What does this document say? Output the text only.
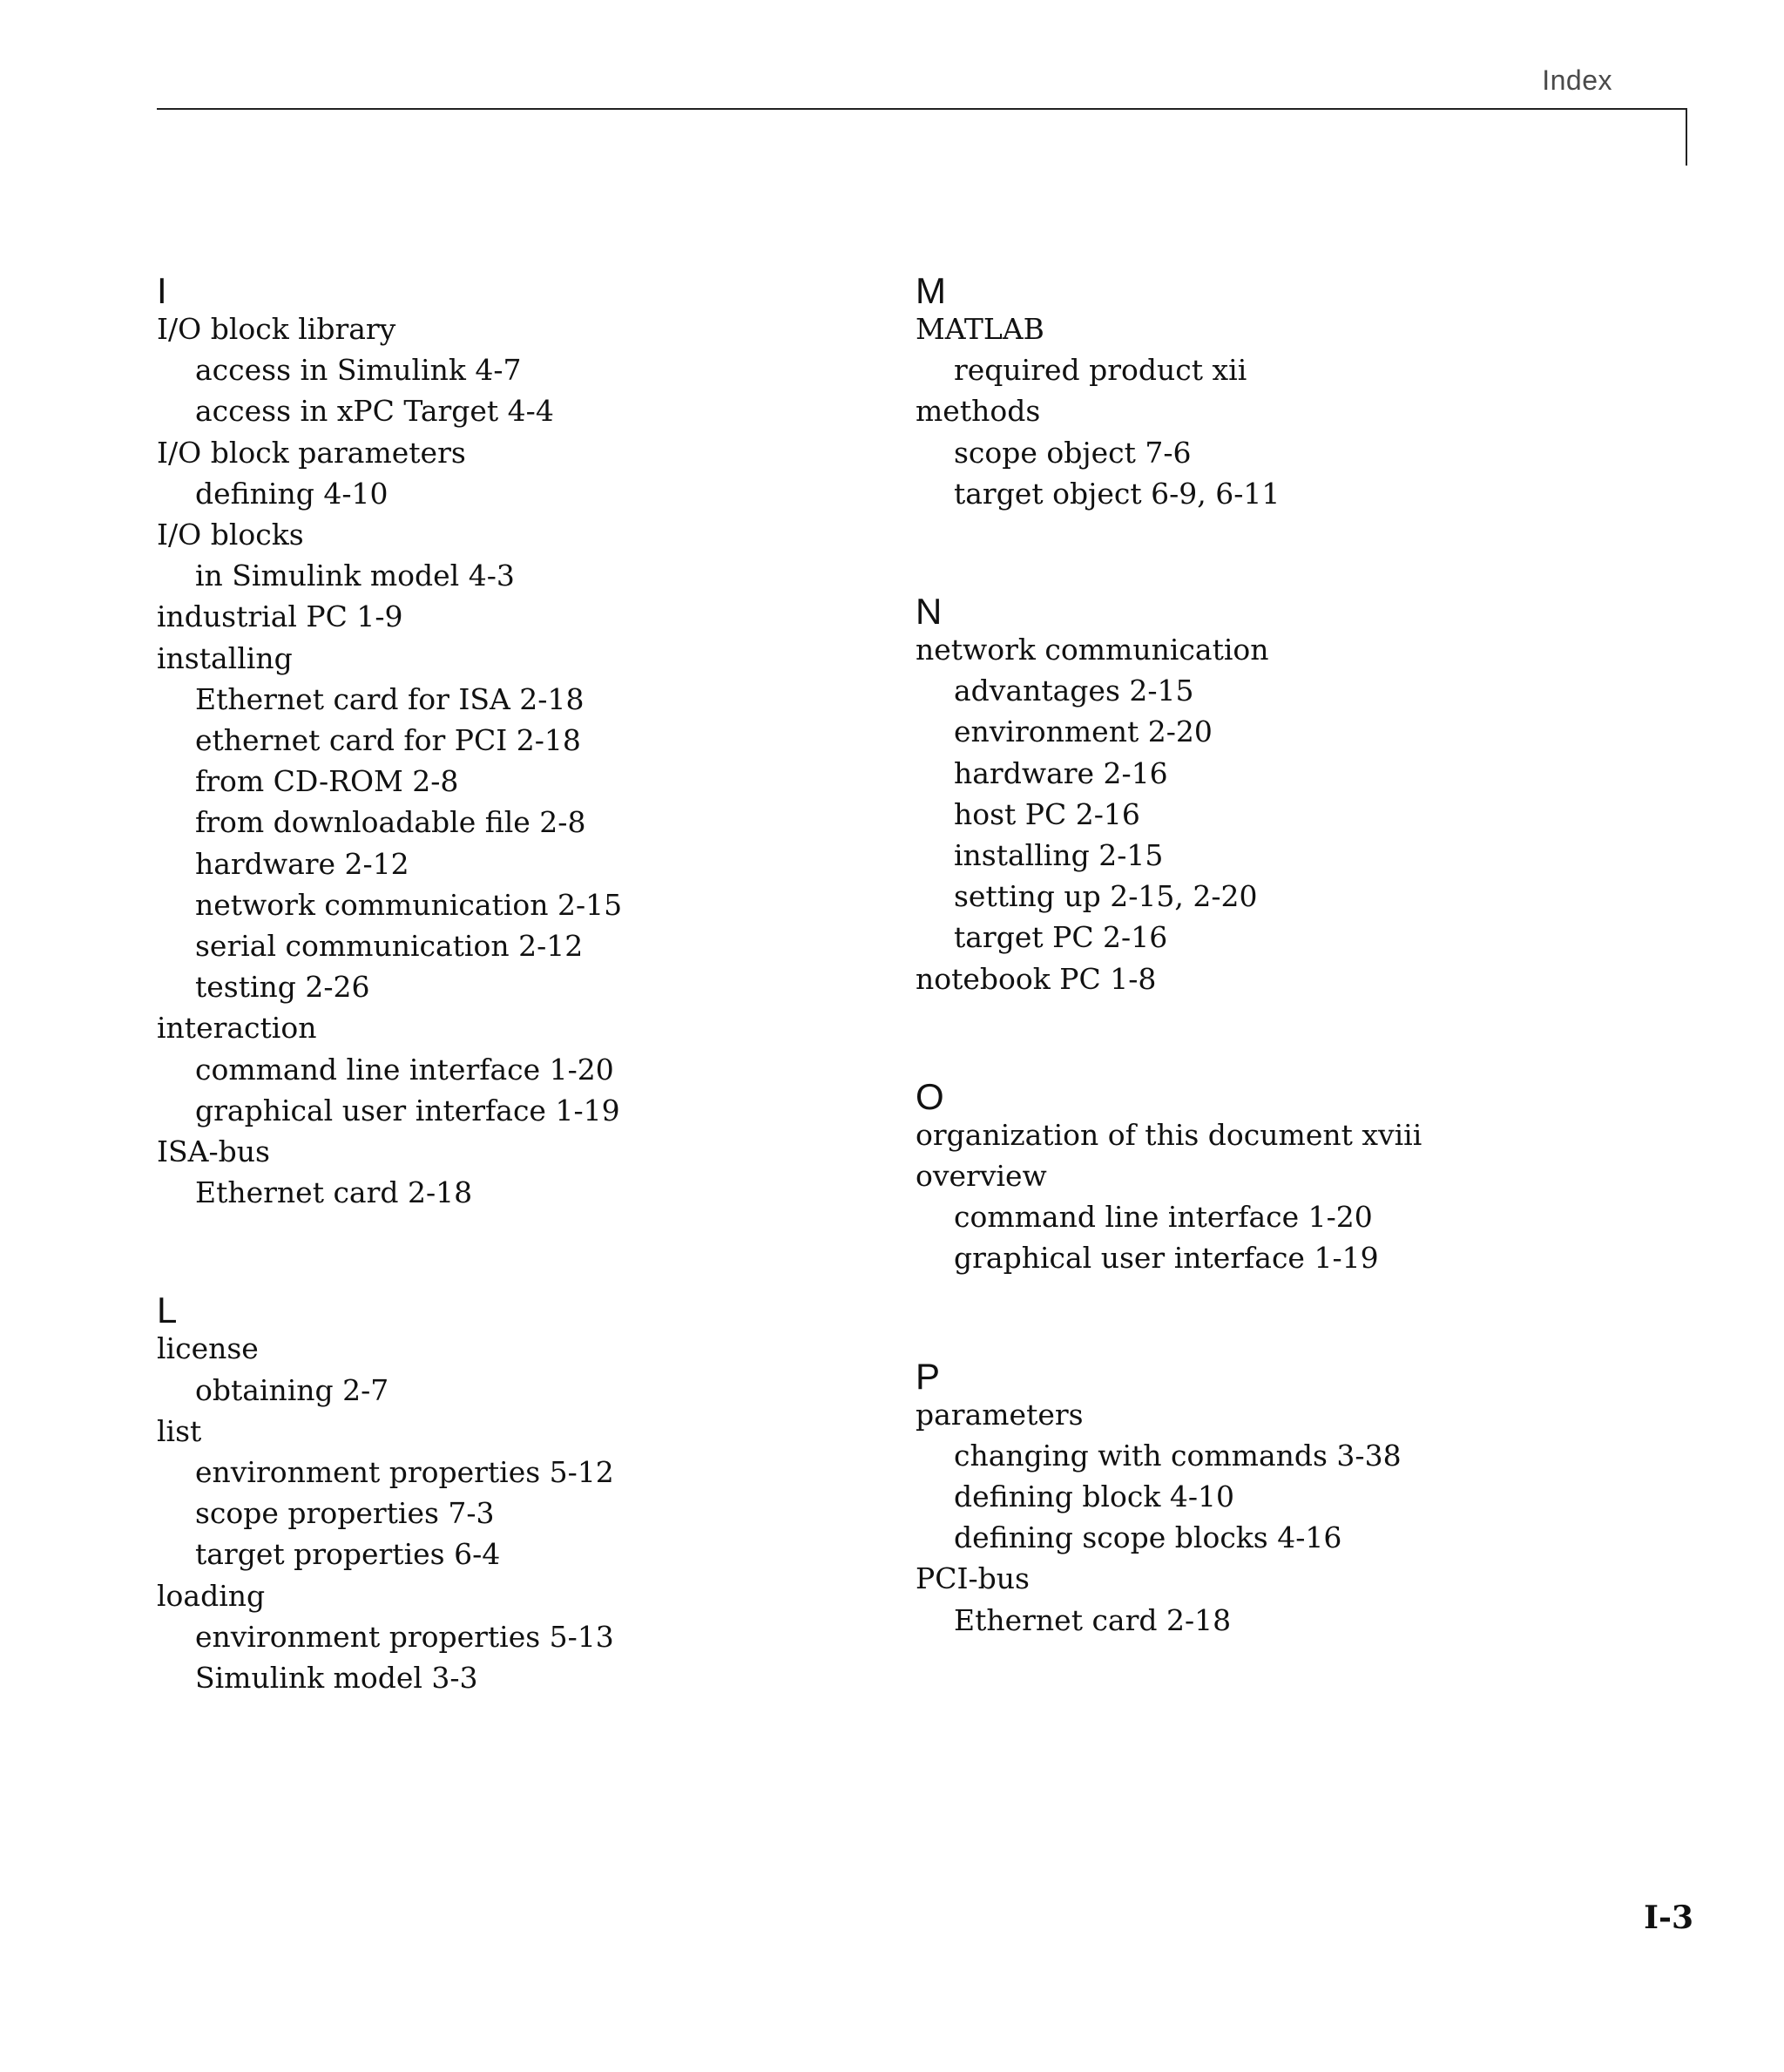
Index
I
I/O block library
access in Simulink 4-7
access in xPC Target 4-4
I/O block parameters
defining 4-10
I/O blocks
in Simulink model 4-3
industrial PC 1-9
installing
Ethernet card for ISA 2-18
ethernet card for PCI 2-18
from CD-ROM 2-8
from downloadable file 2-8
hardware 2-12
network communication 2-15
serial communication 2-12
testing 2-26
interaction
command line interface 1-20
graphical user interface 1-19
ISA-bus
Ethernet card 2-18
L
license
obtaining 2-7
list
environment properties 5-12
scope properties 7-3
target properties 6-4
loading
environment properties 5-13
Simulink model 3-3
M
MATLAB
required product xii
methods
scope object 7-6
target object 6-9, 6-11
N
network communication
advantages 2-15
environment 2-20
hardware 2-16
host PC 2-16
installing 2-15
setting up 2-15, 2-20
target PC 2-16
notebook PC 1-8
O
organization of this document xviii
overview
command line interface 1-20
graphical user interface 1-19
P
parameters
changing with commands 3-38
defining block 4-10
defining scope blocks 4-16
PCI-bus
Ethernet card 2-18
I-3
